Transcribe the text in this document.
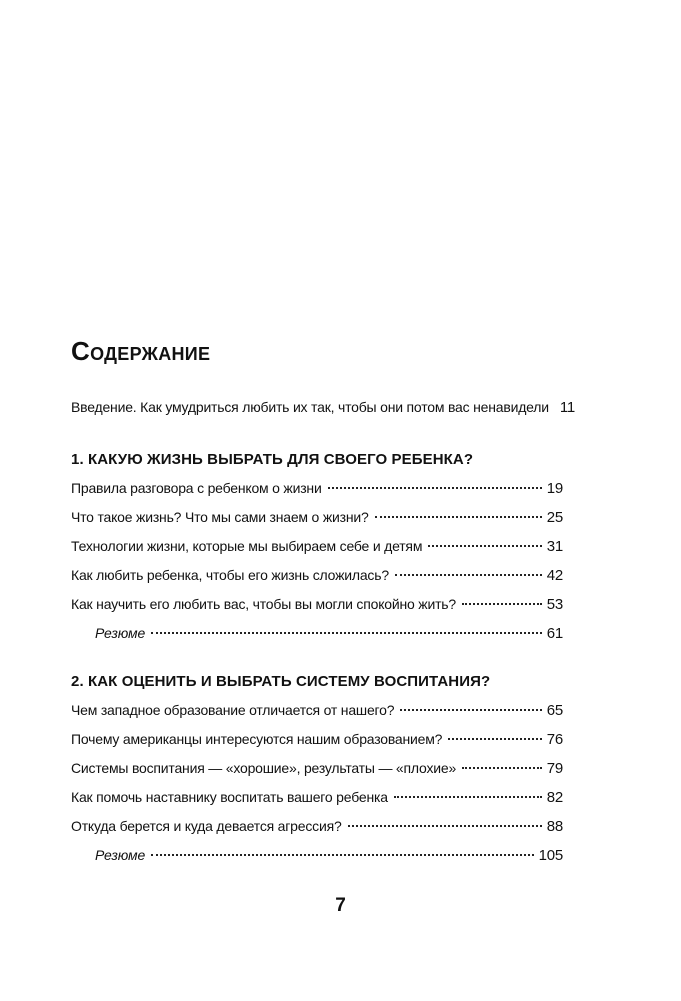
Содержание
Введение. Как умудриться любить их так, чтобы они потом вас ненавидели 11
1. КАКУЮ ЖИЗНЬ ВЫБРАТЬ ДЛЯ СВОЕГО РЕБЕНКА?
Правила разговора с ребенком о жизни	19
Что такое жизнь? Что мы сами знаем о жизни?	25
Технологии жизни, которые мы выбираем себе и детям	31
Как любить ребенка, чтобы его жизнь сложилась?	42
Как научить его любить вас, чтобы вы могли спокойно жить?	53
Резюме	61
2. КАК ОЦЕНИТЬ И ВЫБРАТЬ СИСТЕМУ ВОСПИТАНИЯ?
Чем западное образование отличается от нашего?	65
Почему американцы интересуются нашим образованием?	76
Системы воспитания — «хорошие», результаты — «плохие»	79
Как помочь наставнику воспитать вашего ребенка	82
Откуда берется и куда девается агрессия?	88
Резюме	105
7
